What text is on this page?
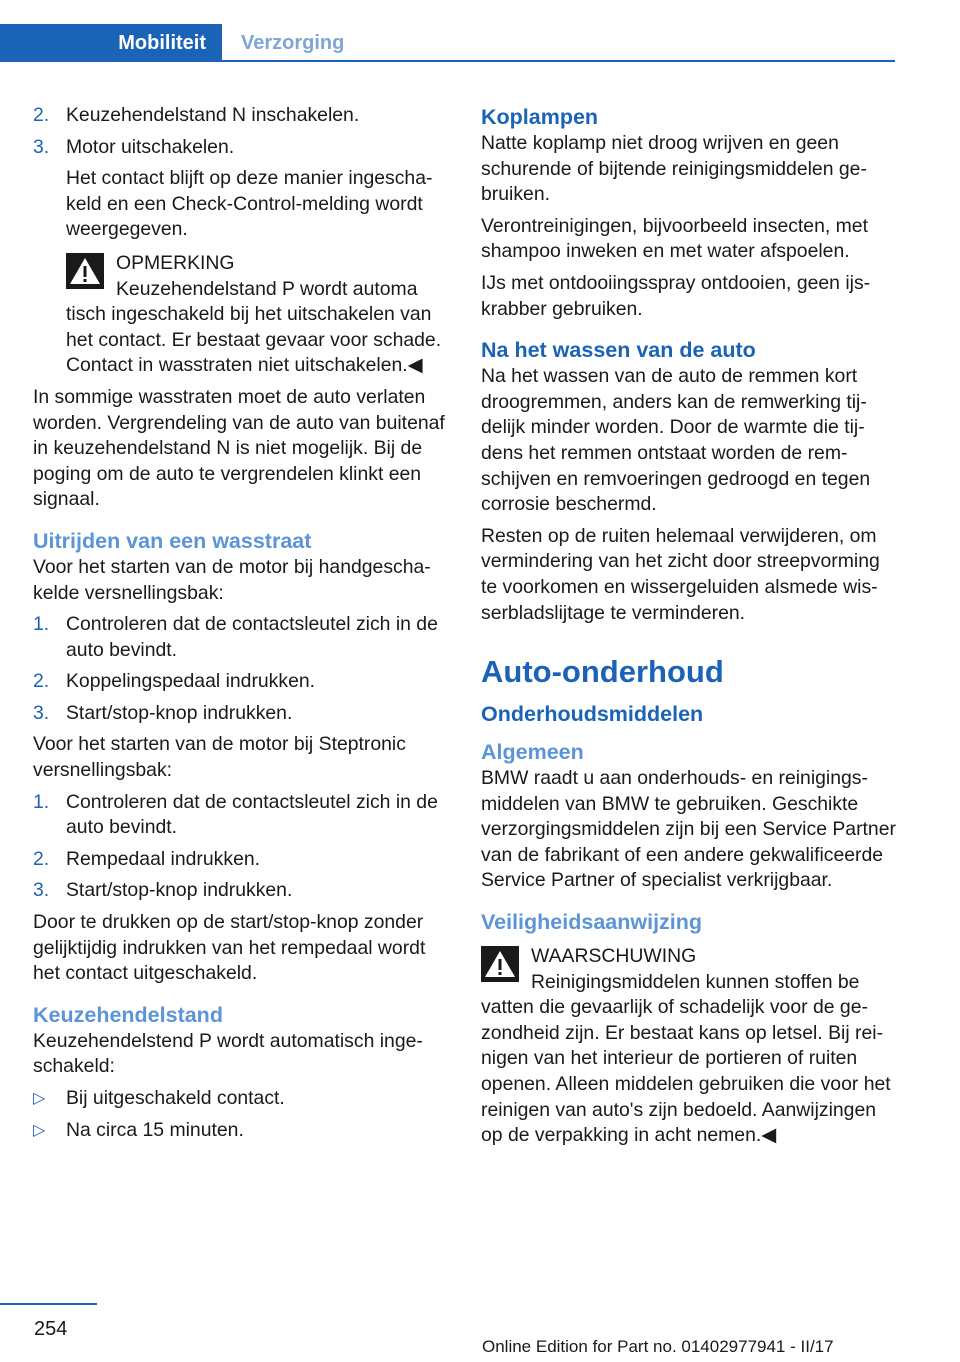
Mobiliteit	Verzorging
2. Keuzehendelstand N inschakelen.
3. Motor uitschakelen.

Het contact blijft op deze manier ingeschakeld en een Check-Control-melding wordt weergegeven.

OPMERKING

Keuzehendelstand P wordt automa

tisch ingeschakeld bij het uitschakelen van het contact. Er bestaat gevaar voor schade. Contact in wasstraten niet uitschakelen.◀

In sommige wasstraten moet de auto verlaten worden. Vergrendeling van de auto van buitenaf in keuzehendelstand N is niet mogelijk. Bij de poging om de auto te vergrendelen klinkt een signaal.

Uitrijden van een wasstraat

Voor het starten van de motor bij handgeschakelde versnellingsbak:

1. Controleren dat de contactsleutel zich in de auto bevindt.
2. Koppelingspedaal indrukken.
3. Start/stop-knop indrukken.

Voor het starten van de motor bij Steptronic versnellingsbak:

1. Controleren dat de contactsleutel zich in de auto bevindt.
2. Rempedaal indrukken.
3. Start/stop-knop indrukken.

Door te drukken op de start/stop-knop zonder gelijktijdig indrukken van het rempedaal wordt het contact uitgeschakeld.

Keuzehendelstand

Keuzehendelstend P wordt automatisch ingeschakeld:

▷ Bij uitgeschakeld contact.
▷ Na circa 15 minuten.
Koplampen

Natte koplamp niet droog wrijven en geen schurende of bijtende reinigingsmiddelen gebruiken.

Verontreinigingen, bijvoorbeeld insecten, met shampoo inweken en met water afspoelen.

IJs met ontdooiingsspray ontdooien, geen ijskrabber gebruiken.

Na het wassen van de auto

Na het wassen van de auto de remmen kort droogremmen, anders kan de remwerking tijdelijk minder worden. Door de warmte die tijdens het remmen ontstaat worden de remschijven en remvoeringen gedroogd en tegen corrosie beschermd.

Resten op de ruiten helemaal verwijderen, om vermindering van het zicht door streepvorming te voorkomen en wissergeluiden alsmede wisserbladslijtage te verminderen.

Auto-onderhoud
Onderhoudsmiddelen
Algemeen

BMW raadt u aan onderhouds- en reinigingsmiddelen van BMW te gebruiken. Geschikte verzorgingsmiddelen zijn bij een Service Partner van de fabrikant of een andere gekwalificeerde Service Partner of specialist verkrijgbaar.

Veiligheidsaanwijzing

WAARSCHUWING

Reinigingsmiddelen kunnen stoffen be

vatten die gevaarlijk of schadelijk voor de gezondheid zijn. Er bestaat kans op letsel. Bij reinigen van het interieur de portieren of ruiten openen. Alleen middelen gebruiken die voor het reinigen van auto's zijn bedoeld. Aanwijzingen op de verpakking in acht nemen.◀

254
Online Edition for Part no. 01402977941 - II/17
